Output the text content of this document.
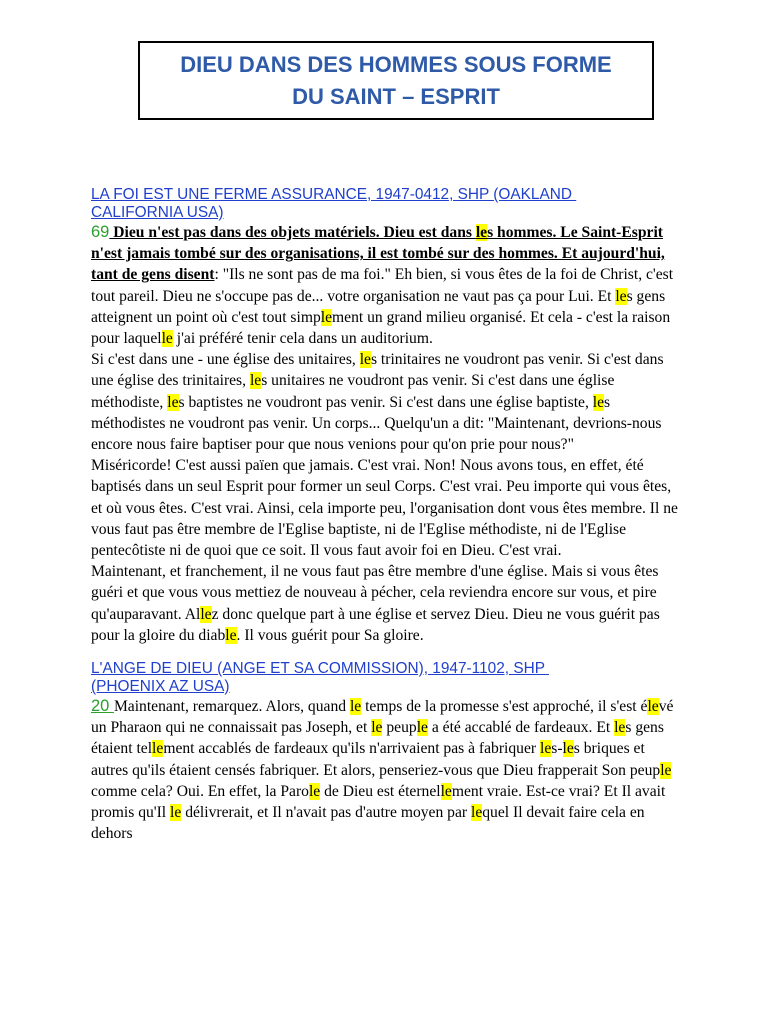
DIEU DANS DES HOMMES SOUS FORME
DU SAINT – ESPRIT

LA FOI EST UNE FERME ASSURANCE, 1947-0412, SHP (OAKLAND
CALIFORNIA USA)

69 Dieu n'est pas dans des objets matériels. Dieu est dans les hommes. Le Saint-Esprit n'est jamais tombé sur des organisations, il est tombé sur des hommes. Et aujourd'hui, tant de gens disent: "Ils ne sont pas de ma foi." Eh bien, si vous êtes de la foi de Christ, c'est tout pareil. Dieu ne s'occupe pas de... votre organisation ne vaut pas ça pour Lui. Et les gens atteignent un point où c'est tout simplement un grand milieu organisé. Et cela - c'est la raison pour laquelle j'ai préféré tenir cela dans un auditorium.

Si c'est dans une - une église des unitaires, les trinitaires ne voudront pas venir. Si c'est dans une église des trinitaires, les unitaires ne voudront pas venir. Si c'est dans une église méthodiste, les baptistes ne voudront pas venir. Si c'est dans une église baptiste, les méthodistes ne voudront pas venir. Un corps... Quelqu'un a dit: "Maintenant, devrions-nous encore nous faire baptiser pour que nous venions pour qu'on prie pour nous?"

Miséricorde! C'est aussi païen que jamais. C'est vrai. Non! Nous avons tous, en effet, été baptisés dans un seul Esprit pour former un seul Corps. C'est vrai. Peu importe qui vous êtes, et où vous êtes. C'est vrai. Ainsi, cela importe peu, l'organisation dont vous êtes membre. Il ne vous faut pas être membre de l'Eglise baptiste, ni de l'Eglise méthodiste, ni de l'Eglise pentecôtiste ni de quoi que ce soit. Il vous faut avoir foi en Dieu. C'est vrai.

Maintenant, et franchement, il ne vous faut pas être membre d'une église. Mais si vous êtes guéri et que vous vous mettiez de nouveau à pécher, cela reviendra encore sur vous, et pire qu'auparavant. Allez donc quelque part à une église et servez Dieu. Dieu ne vous guérit pas pour la gloire du diable. Il vous guérit pour Sa gloire.

L'ANGE DE DIEU (ANGE ET SA COMMISSION), 1947-1102, SHP
(PHOENIX AZ USA)

20 Maintenant, remarquez. Alors, quand le temps de la promesse s'est approché, il s'est élevé un Pharaon qui ne connaissait pas Joseph, et le peuple a été accablé de fardeaux. Et les gens étaient tellement accablés de fardeaux qu'ils n'arrivaient pas à fabriquer les-les briques et autres qu'ils étaient censés fabriquer. Et alors, penseriez-vous que Dieu frapperait Son peuple comme cela? Oui. En effet, la Parole de Dieu est éternellement vraie. Est-ce vrai? Et Il avait promis qu'Il le délivrerait, et Il n'avait pas d'autre moyen par lequel Il devait faire cela en dehors
